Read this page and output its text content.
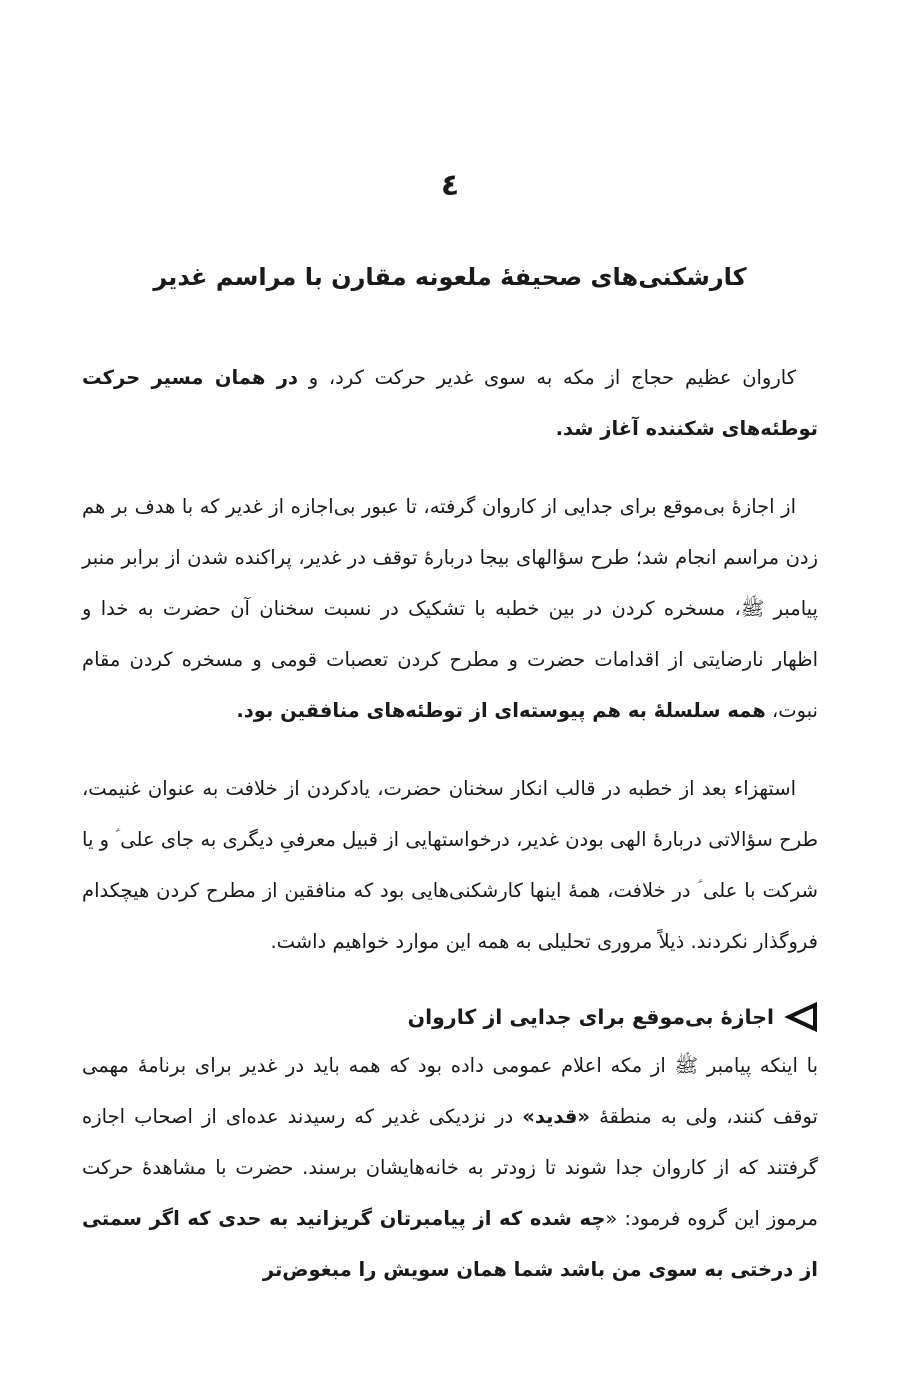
٤
کارشکنی‌های صحیفهٔ ملعونه مقارن با مراسم غدیر

کاروان عظیم حجاج از مکه به سوی غدیر حرکت کرد، و در همان مسیر حرکت توطئه‌های شکننده آغاز شد.

از اجازهٔ بی‌موقع برای جدایی از کاروان گرفته، تا عبور بی‌اجازه از غدیر که با هدف بر هم زدن مراسم انجام شد؛ طرح سؤالهای بیجا دربارهٔ توقف در غدیر، پراکنده شدن از برابر منبر پیامبر ﷺ، مسخره کردن در بین خطبه با تشکیک در نسبت سخنان آن حضرت به خدا و اظهار نارضایتی از اقدامات حضرت و مطرح کردن تعصبات قومی و مسخره کردن مقام نبوت، همه سلسلهٔ به هم پیوسته‌ای از توطئه‌های منافقین بود.

استهزاء بعد از خطبه در قالب انکار سخنان حضرت، یادکردن از خلافت به عنوان غنیمت، طرح سؤالاتی دربارهٔ الهی بودن غدیر، درخواستهایی از قبیل معرفیِ دیگری به جای علی ؑ و یا شرکت با علی ؑ در خلافت، همهٔ اینها کارشکنی‌هایی بود که منافقین از مطرح کردن هیچکدام فروگذار نکردند. ذیلاً مروری تحلیلی به همه این موارد خواهیم داشت.

اجازهٔ بی‌موقع برای جدایی از کاروان

با اینکه پیامبر ﷺ از مکه اعلام عمومی داده بود که همه باید در غدیر برای برنامهٔ مهمی توقف کنند، ولی به منطقهٔ «قدید» در نزدیکی غدیر که رسیدند عده‌ای از اصحاب اجازه گرفتند که از کاروان جدا شوند تا زودتر به خانه‌هایشان برسند. حضرت با مشاهدهٔ حرکت مرموز این گروه فرمود: «چه شده که از پیامبرتان گریزانید به حدی که اگر سمتی از درختی به سوی من باشد شما همان سویش را مبغوض‌تر
